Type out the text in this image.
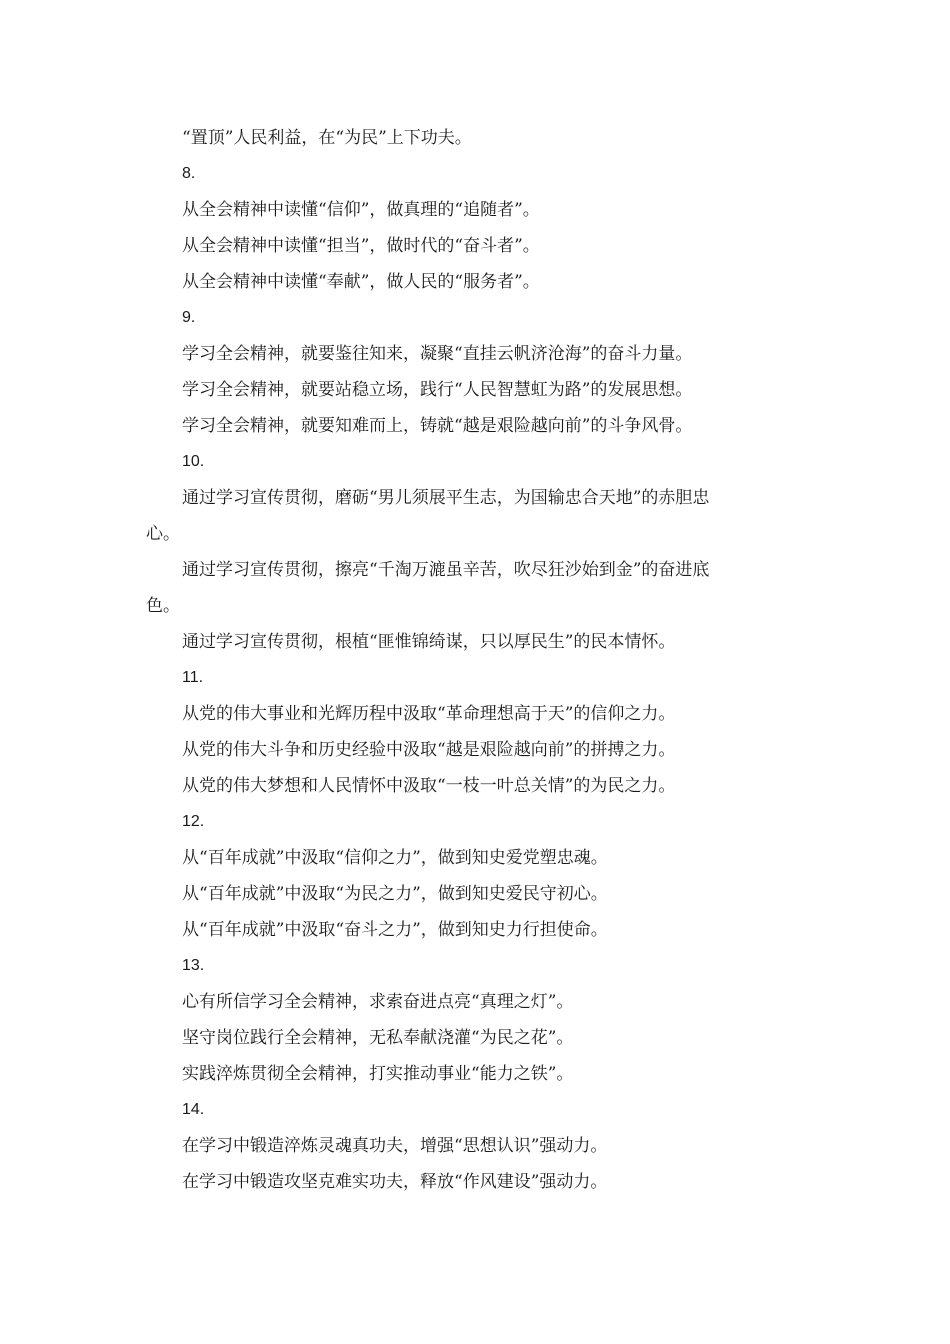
“置顶”人民利益，在“为民”上下功夫。
8.
从全会精神中读懂“信仰”，做真理的“追随者”。
从全会精神中读懂“担当”，做时代的“奋斗者”。
从全会精神中读懂“奉献”，做人民的“服务者”。
9.
学习全会精神，就要鉴往知来，凝聚“直挂云帆济沧海”的奋斗力量。
学习全会精神，就要站稳立场，践行“人民智慧虹为路”的发展思想。
学习全会精神，就要知难而上，铸就“越是艰险越向前”的斗争风骨。
10.
通过学习宣传贯彻，磨砺“男儿须展平生志，为国输忠合天地”的赤胆忠
心。
通过学习宣传贯彻，擦亮“千淘万漉虽辛苦，吹尽狂沙始到金”的奋进底
色。
通过学习宣传贯彻，根植“匪惟锦绮谋，只以厚民生”的民本情怀。
11.
从党的伟大事业和光辉历程中汲取“革命理想高于天”的信仰之力。
从党的伟大斗争和历史经验中汲取“越是艰险越向前”的拼搏之力。
从党的伟大梦想和人民情怀中汲取“一枝一叶总关情”的为民之力。
12.
从“百年成就”中汲取“信仰之力”，做到知史爱党塑忠魂。
从“百年成就”中汲取“为民之力”，做到知史爱民守初心。
从“百年成就”中汲取“奋斗之力”，做到知史力行担使命。
13.
心有所信学习全会精神，求索奋进点亮“真理之灯”。
坚守岗位践行全会精神，无私奉献浇灌“为民之花”。
实践淬炼贯彻全会精神，打实推动事业“能力之铁”。
14.
在学习中锻造淬炼灵魂真功夫，增强“思想认识”强动力。
在学习中锻造攻坚克难实功夫，释放“作风建设”强动力。
